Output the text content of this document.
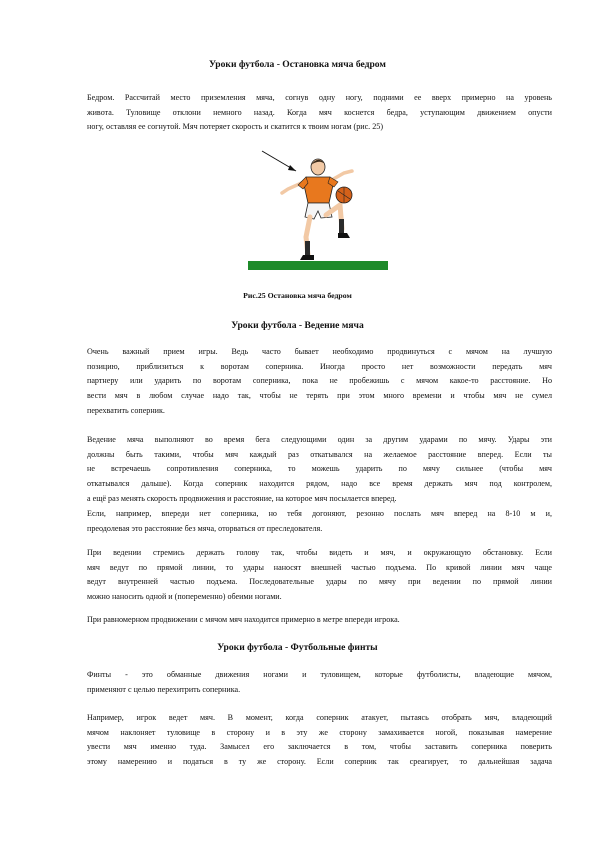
Уроки футбола - Остановка мяча бедром
Бедром. Рассчитай место приземления мяча, согнув одну ногу, подними ее вверх примерно на уровень
живота. Туловище отклони немного назад. Когда мяч коснется бедра, уступающим движением опусти
ногу, оставляя ее согнутой. Мяч потеряет скорость и скатится к твоим ногам (рис. 25)
Рис.25 Остановка мяча бедром
Уроки футбола - Ведение мяча
Очень важный прием игры. Ведь часто бывает необходимо продвинуться с мячом на лучшую
позицию, приблизиться к воротам соперника. Иногда просто нет возможности передать мяч
партнеру или ударить по воротам соперника, пока не пробежишь с мячом какое-то расстояние. Но
вести мяч в любом случае надо так, чтобы не терять при этом много времени и чтобы мяч не сумел
перехватить соперник.
Ведение мяча выполняют во время бега следующими один за другим ударами по мячу. Удары эти
должны быть такими, чтобы мяч каждый раз откатывался на желаемое расстояние вперед. Если ты
не встречаешь сопротивления соперника, то можешь ударить по мячу сильнее (чтобы мяч
откатывался дальше). Когда соперник находится рядом, надо все время держать мяч под контролем,
а ещё раз менять скорость продвижения и расстояние, на которое мяч посылается вперед.
Если, например, впереди нет соперника, но тебя догоняют, резонно послать мяч вперед на 8-10 м и,
преодолевая это расстояние без мяча, оторваться от преследователя.
При ведении стремись держать голову так, чтобы видеть и мяч, и окружающую обстановку. Если
мяч ведут по прямой линии, то удары наносят внешней частью подъема. По кривой линии мяч чаще
ведут внутренней частью подъема. Последовательные удары по мячу при ведении по прямой линии
можно наносить одной и (попеременно) обеими ногами.
При равномерном продвижении с мячом мяч находится примерно в метре впереди игрока.
Уроки футбола - Футбольные финты
Финты - это обманные движения ногами и туловищем, которые футболисты, владеющие мячом,
применяют с целью перехитрить соперника.
Например, игрок ведет мяч. В момент, когда соперник атакует, пытаясь отобрать мяч, владеющий
мячом наклоняет туловище в сторону и в эту же сторону замахивается ногой, показывая намерение
увести мяч именно туда. Замысел его заключается в том, чтобы заставить соперника поверить
этому намерению и податься в ту же сторону. Если соперник так среагирует, то дальнейшая задача
